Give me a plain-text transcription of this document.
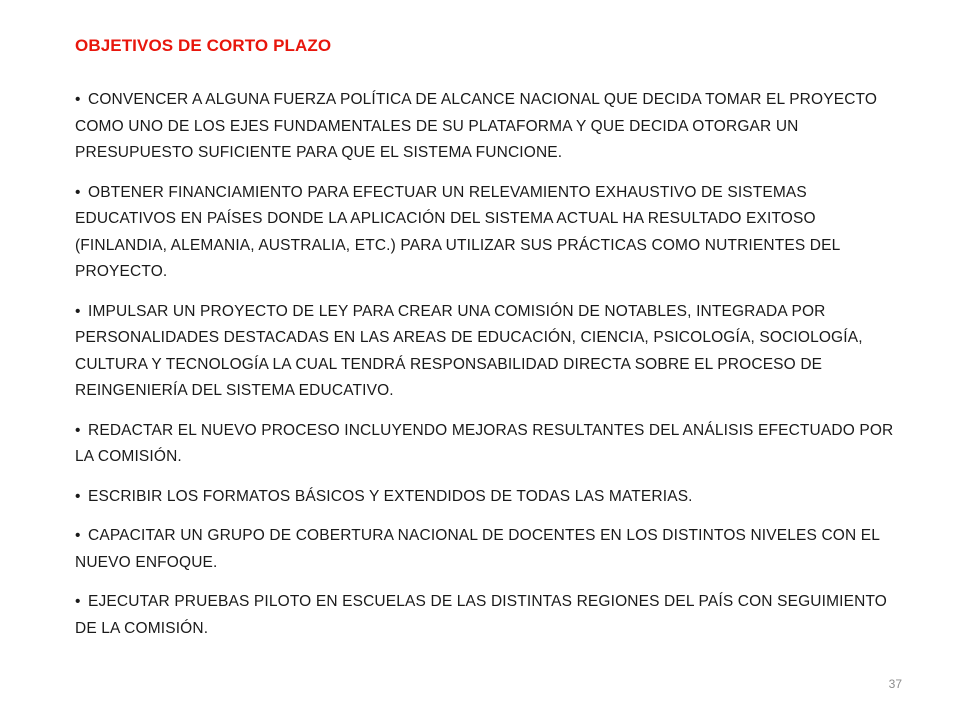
OBJETIVOS DE CORTO PLAZO
• CONVENCER A ALGUNA FUERZA POLÍTICA DE ALCANCE NACIONAL QUE DECIDA TOMAR EL PROYECTO COMO UNO DE LOS EJES FUNDAMENTALES DE SU PLATAFORMA Y QUE DECIDA OTORGAR UN PRESUPUESTO SUFICIENTE PARA QUE EL SISTEMA FUNCIONE.
• OBTENER FINANCIAMIENTO PARA EFECTUAR UN RELEVAMIENTO EXHAUSTIVO DE SISTEMAS EDUCATIVOS EN PAÍSES DONDE LA APLICACIÓN DEL SISTEMA ACTUAL HA RESULTADO EXITOSO (FINLANDIA, ALEMANIA, AUSTRALIA, ETC.) PARA UTILIZAR SUS PRÁCTICAS COMO NUTRIENTES DEL PROYECTO.
• IMPULSAR UN PROYECTO DE LEY PARA CREAR UNA COMISIÓN DE NOTABLES, INTEGRADA POR PERSONALIDADES DESTACADAS EN LAS AREAS DE EDUCACIÓN, CIENCIA, PSICOLOGÍA, SOCIOLOGÍA, CULTURA Y TECNOLOGÍA LA CUAL TENDRÁ RESPONSABILIDAD DIRECTA SOBRE EL PROCESO DE REINGENIERÍA DEL SISTEMA EDUCATIVO.
• REDACTAR EL NUEVO PROCESO INCLUYENDO MEJORAS RESULTANTES DEL ANÁLISIS EFECTUADO POR LA COMISIÓN.
• ESCRIBIR LOS FORMATOS BÁSICOS Y EXTENDIDOS DE TODAS LAS MATERIAS.
• CAPACITAR UN GRUPO DE COBERTURA NACIONAL DE DOCENTES EN LOS DISTINTOS NIVELES CON EL NUEVO ENFOQUE.
• EJECUTAR PRUEBAS PILOTO EN ESCUELAS DE LAS DISTINTAS REGIONES DEL PAÍS CON SEGUIMIENTO DE LA COMISIÓN.
37
